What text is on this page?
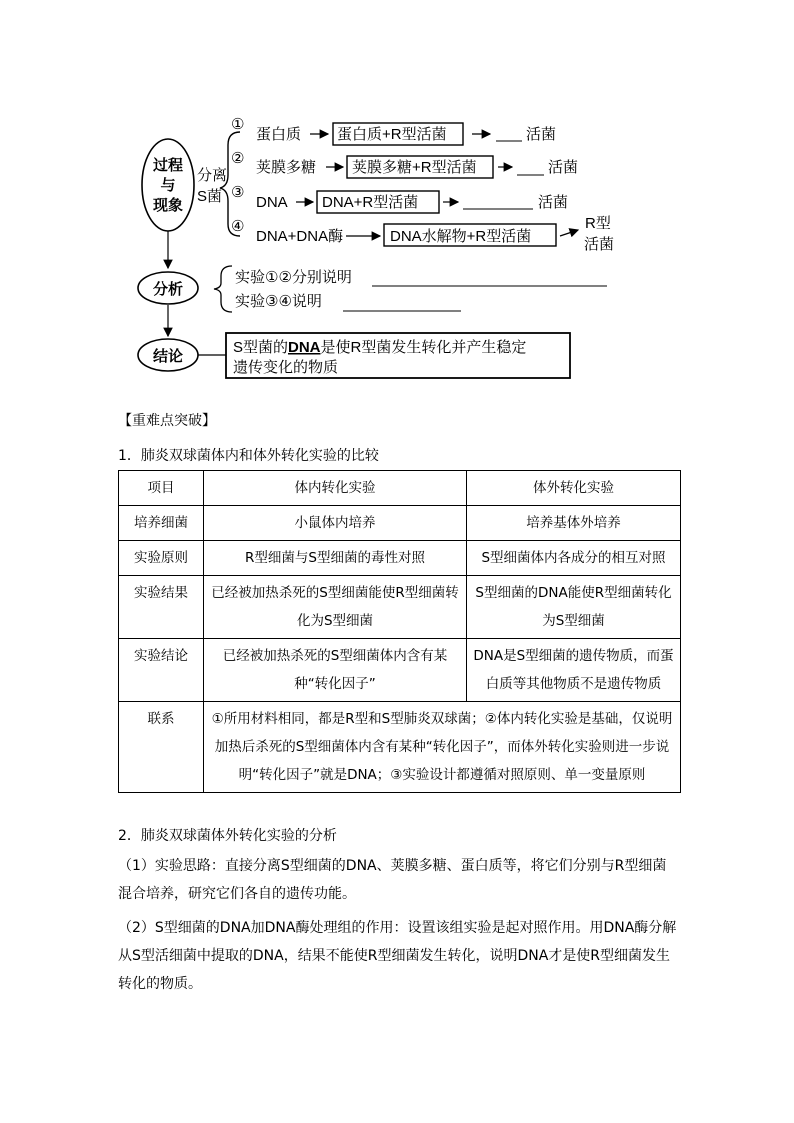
过程
与
现象
分离
S菌
①
②
③
④
蛋白质 蛋白质+R型活菌	活菌
荚膜多糖 荚膜多糖+R型活菌	活菌
DNA DNA+R型活菌	活菌
DNA+DNA酶	DNA水解物+R型活菌
R型
活菌
分析
实验①②分别说明
实验③④说明
结论
S型菌的DNA是使R型菌发生转化并产生稳定
遗传变化的物质
【重难点突破】
1．肺炎双球菌体内和体外转化实验的比较
项目	体内转化实验	体外转化实验
培养细菌	小鼠体内培养	培养基体外培养
实验原则	R型细菌与S型细菌的毒性对照	S型细菌体内各成分的相互对照
实验结果	已经被加热杀死的S型细菌能使R型细菌转化为S型细菌	S型细菌的DNA能使R型细菌转化为S型细菌
实验结论	已经被加热杀死的S型细菌体内含有某种“转化因子”	DNA是S型细菌的遗传物质，而蛋白质等其他物质不是遗传物质
联系	①所用材料相同，都是R型和S型肺炎双球菌；②体内转化实验是基础，仅说明加热后杀死的S型细菌体内含有某种“转化因子”，而体外转化实验则进一步说明“转化因子”就是DNA；③实验设计都遵循对照原则、单一变量原则	
2．肺炎双球菌体外转化实验的分析
（1）实验思路：直接分离S型细菌的DNA、荚膜多糖、蛋白质等，将它们分别与R型细菌混合培养，研究它们各自的遗传功能。
（2）S型细菌的DNA加DNA酶处理组的作用：设置该组实验是起对照作用。用DNA酶分解从S型活细菌中提取的DNA，结果不能使R型细菌发生转化，说明DNA才是使R型细菌发生转化的物质。
